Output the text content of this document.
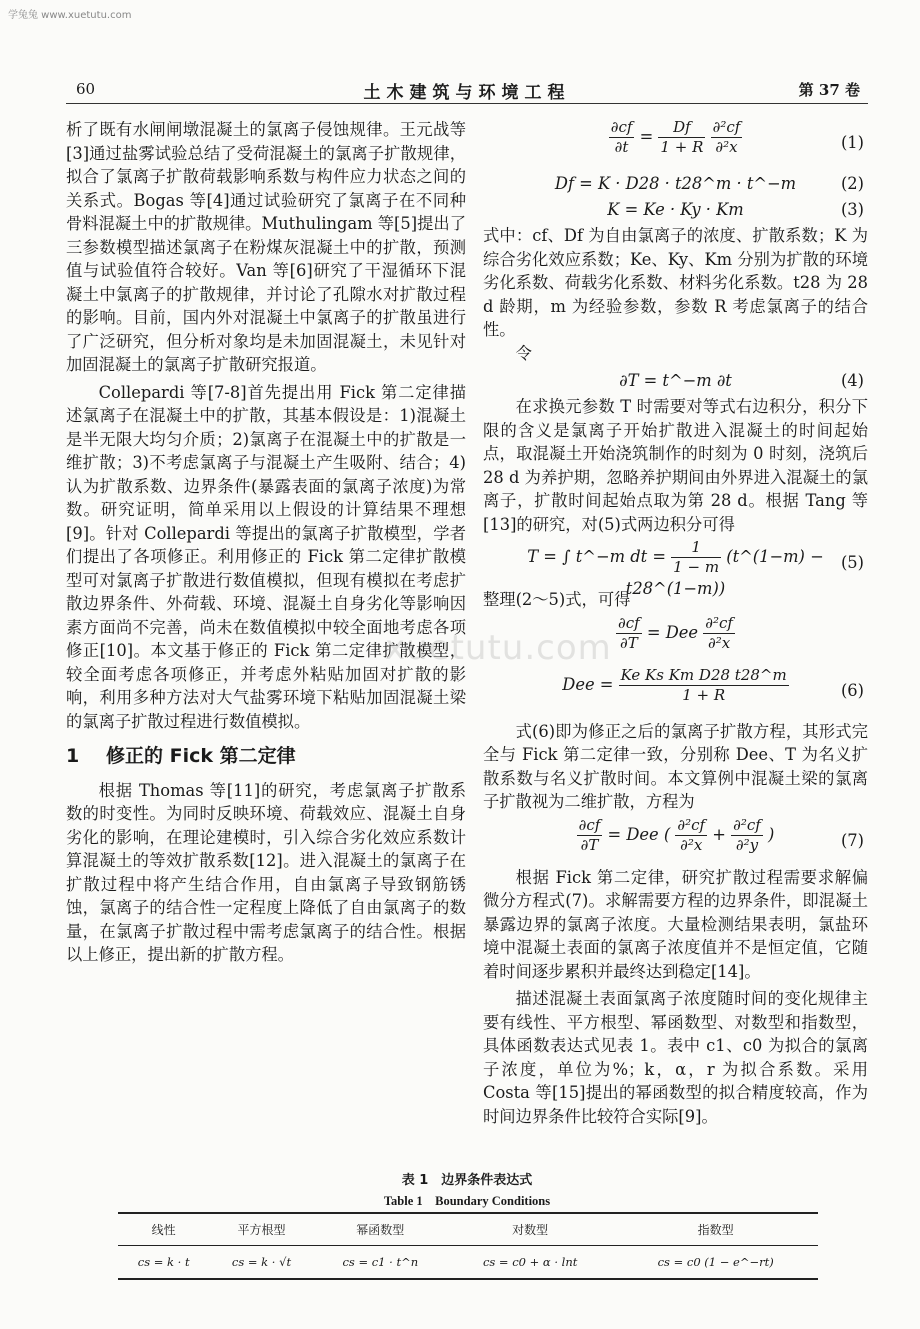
学兔兔 www.xuetutu.com
xuetutu.com
60	土木建筑与环境工程	第 37 卷

析了既有水闸闸墩混凝土的氯离子侵蚀规律。王元战等[3]通过盐雾试验总结了受荷混凝土的氯离子扩散规律，拟合了氯离子扩散荷载影响系数与构件应力状态之间的关系式。Bogas 等[4]通过试验研究了氯离子在不同种骨料混凝土中的扩散规律。Muthulingam 等[5]提出了三参数模型描述氯离子在粉煤灰混凝土中的扩散，预测值与试验值符合较好。Van 等[6]研究了干湿循环下混凝土中氯离子的扩散规律，并讨论了孔隙水对扩散过程的影响。目前，国内外对混凝土中氯离子的扩散虽进行了广泛研究，但分析对象均是未加固混凝土，未见针对加固混凝土的氯离子扩散研究报道。

Collepardi 等[7-8]首先提出用 Fick 第二定律描述氯离子在混凝土中的扩散，其基本假设是：1)混凝土是半无限大均匀介质；2)氯离子在混凝土中的扩散是一维扩散；3)不考虑氯离子与混凝土产生吸附、结合；4)认为扩散系数、边界条件(暴露表面的氯离子浓度)为常数。研究证明，简单采用以上假设的计算结果不理想[9]。针对 Collepardi 等提出的氯离子扩散模型，学者们提出了各项修正。利用修正的 Fick 第二定律扩散模型可对氯离子扩散进行数值模拟，但现有模拟在考虑扩散边界条件、外荷载、环境、混凝土自身劣化等影响因素方面尚不完善，尚未在数值模拟中较全面地考虑各项修正[10]。本文基于修正的 Fick 第二定律扩散模型，较全面考虑各项修正，并考虑外粘贴加固对扩散的影响，利用多种方法对大气盐雾环境下粘贴加固混凝土梁的氯离子扩散过程进行数值模拟。

1 修正的 Fick 第二定律

根据 Thomas 等[11]的研究，考虑氯离子扩散系数的时变性。为同时反映环境、荷载效应、混凝土自身劣化的影响，在理论建模时，引入综合劣化效应系数计算混凝土的等效扩散系数[12]。进入混凝土的氯离子在扩散过程中将产生结合作用，自由氯离子导致钢筋锈蚀，氯离子的结合性一定程度上降低了自由氯离子的数量，在氯离子扩散过程中需考虑氯离子的结合性。根据以上修正，提出新的扩散方程。

$\frac{\partial cf}{\partial t} = \frac{Df}{1 + R}$
$\frac{\text{∂²cf}}{\text{∂²x}}$	(1)
Df = K · D28 · t28^m · t^−m	(2)
K = Ke · Ky · Km	(3)

式中：cf、Df 为自由氯离子的浓度、扩散系数；K 为综合劣化效应系数；Ke、Ky、Km 分别为扩散的环境劣化系数、荷载劣化系数、材料劣化系数。t28 为 28 d 龄期，m 为经验参数，参数 R 考虑氯离子的结合性。

令

∂T = t^−m ∂t	(4)

在求换元参数 T 时需要对等式右边积分，积分下限的含义是氯离子开始扩散进入混凝土的时间起始点，取混凝土开始浇筑制作的时刻为 0 时刻，浇筑后 28 d 为养护期，忽略养护期间由外界进入混凝土的氯离子，扩散时间起始点取为第 28 d。根据 Tang 等[13]的研究，对(5)式两边积分可得

T = ∫ t^−m dt = $\frac{1}{1 - m}$ (t^(1−m) − t28^(1−m))
(5)

整理(2～5)式，可得

$\frac{\partial cf}{\partial T}$ = Dee $\frac{\text{∂²cf}}{\text{∂²x}}$
Dee = $\frac{\text{Ke Ks Km D28 t28\textasciicircum{}m}}{1 + R}$	(6)

式(6)即为修正之后的氯离子扩散方程，其形式完全与 Fick 第二定律一致，分别称 Dee、T 为名义扩散系数与名义扩散时间。本文算例中混凝土梁的氯离子扩散视为二维扩散，方程为

$\frac{\partial cf}{\partial T}$ = Dee ( $\frac{\text{∂²cf}}{\text{∂²x}} + \frac{\text{∂²cf}}{\text{∂²y}}$ )	(7)

根据 Fick 第二定律，研究扩散过程需要求解偏微分方程式(7)。求解需要方程的边界条件，即混凝土暴露边界的氯离子浓度。大量检测结果表明，氯盐环境中混凝土表面的氯离子浓度值并不是恒定值，它随着时间逐步累积并最终达到稳定[14]。

描述混凝土表面氯离子浓度随时间的变化规律主要有线性、平方根型、幂函数型、对数型和指数型，具体函数表达式见表 1。表中 c1、c0 为拟合的氯离子浓度，单位为%；k，α，r 为拟合系数。采用 Costa 等[15]提出的幂函数型的拟合精度较高，作为时间边界条件比较符合实际[9]。

表 1　边界条件表达式
Table 1　Boundary Conditions
线性	平方根型	幂函数型	对数型	指数型
cs = k · t	cs = k · √t	cs = c1 · t^n	cs = c0 + α · lnt	cs = c0 (1 − e^−rt)
